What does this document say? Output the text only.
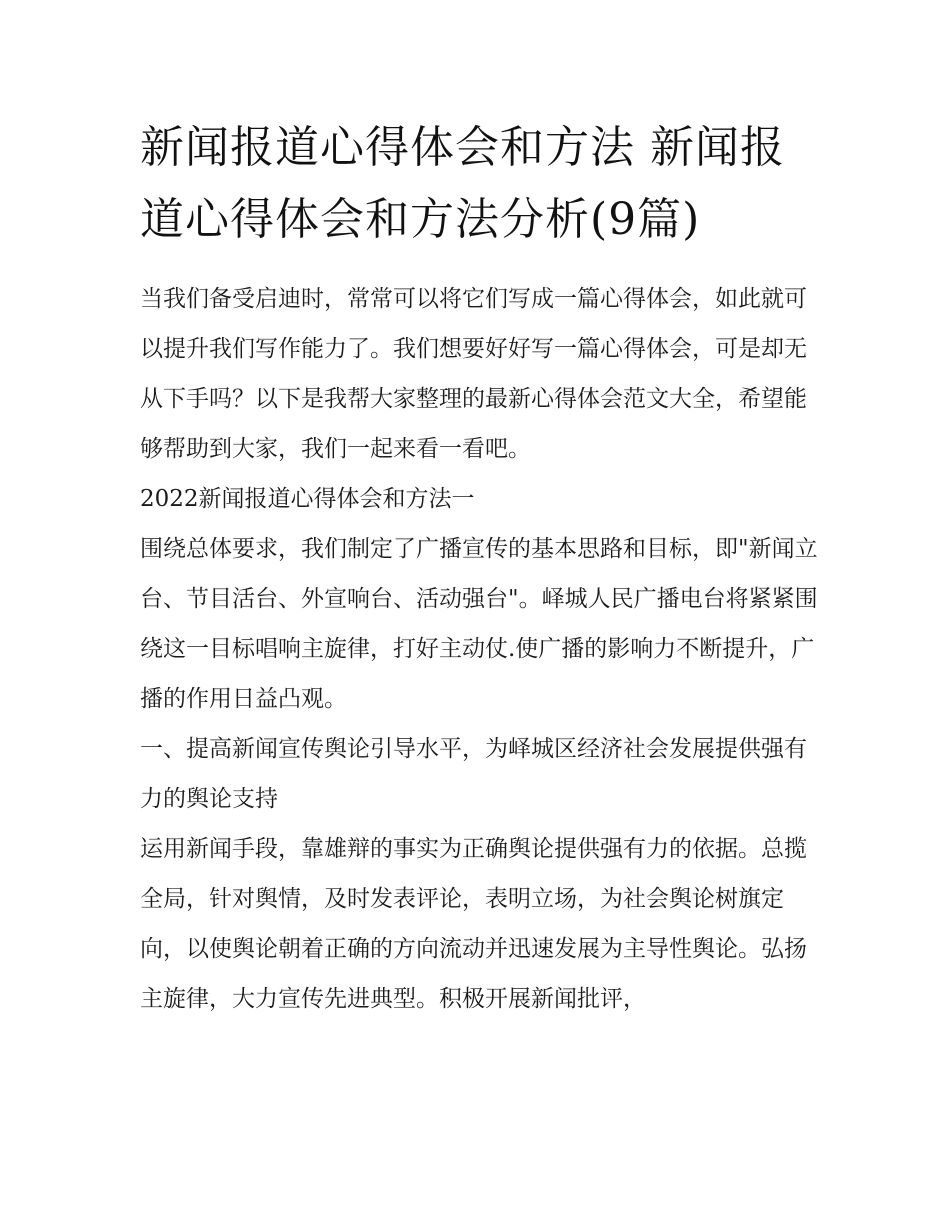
新闻报道心得体会和方法 新闻报道心得体会和方法分析(9篇)

当我们备受启迪时，常常可以将它们写成一篇心得体会，如此就可以提升我们写作能力了。我们想要好好写一篇心得体会，可是却无从下手吗？以下是我帮大家整理的最新心得体会范文大全，希望能够帮助到大家，我们一起来看一看吧。

2022新闻报道心得体会和方法一

围绕总体要求，我们制定了广播宣传的基本思路和目标，即"新闻立台、节目活台、外宣响台、活动强台"。峄城人民广播电台将紧紧围绕这一目标唱响主旋律，打好主动仗.使广播的影响力不断提升，广播的作用日益凸观。

一、提高新闻宣传舆论引导水平，为峄城区经济社会发展提供强有力的舆论支持

运用新闻手段，靠雄辩的事实为正确舆论提供强有力的依据。总揽全局，针对舆情，及时发表评论，表明立场，为社会舆论树旗定向，以使舆论朝着正确的方向流动并迅速发展为主导性舆论。弘扬主旋律，大力宣传先进典型。积极开展新闻批评，
